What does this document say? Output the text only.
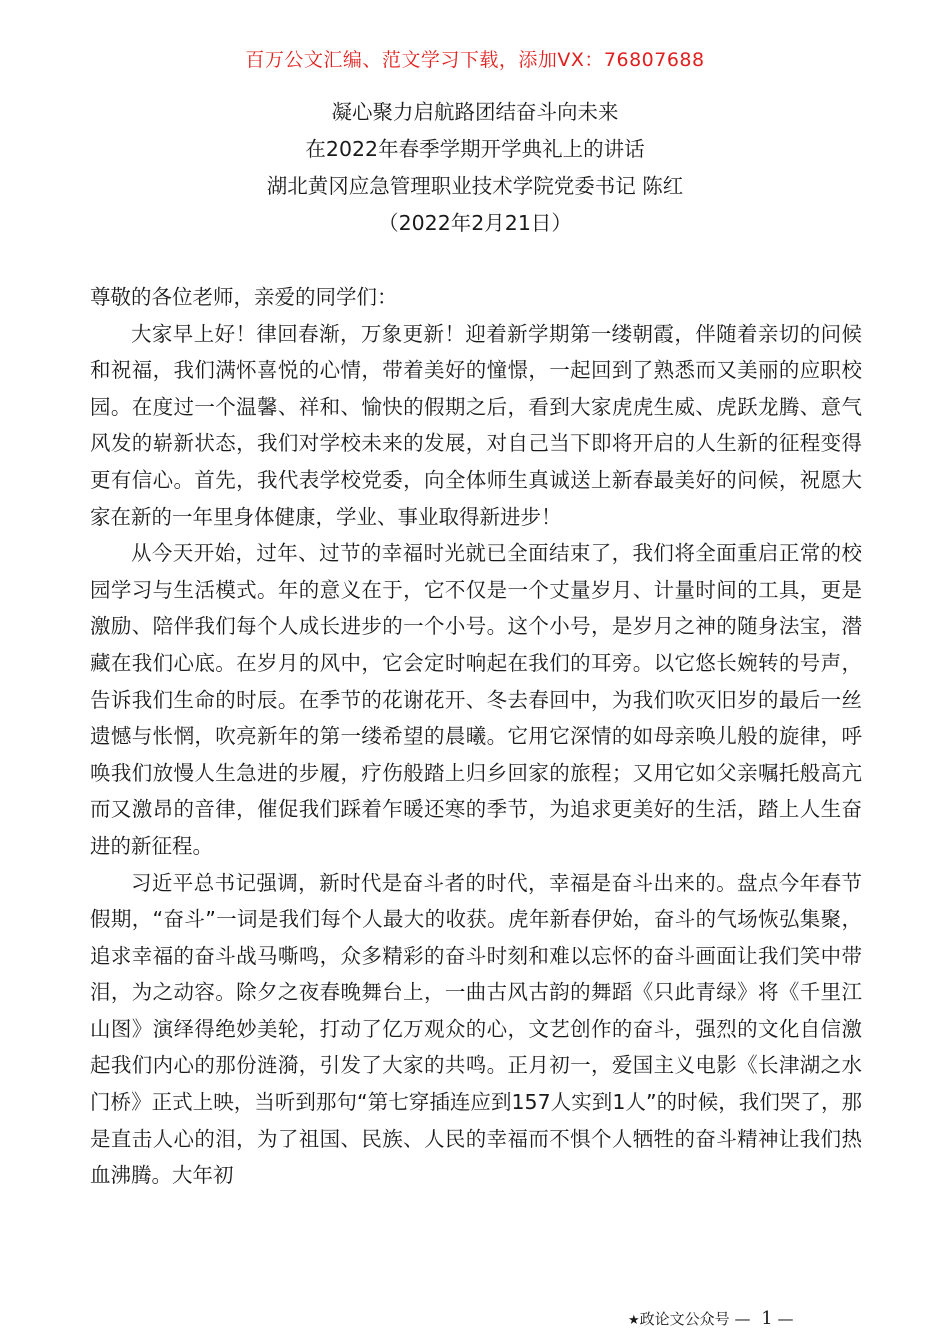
百万公文汇编、范文学习下载，添加VX：76807688
凝心聚力启航路团结奋斗向未来
在2022年春季学期开学典礼上的讲话
湖北黄冈应急管理职业技术学院党委书记 陈红
（2022年2月21日）

尊敬的各位老师，亲爱的同学们：

大家早上好！律回春渐，万象更新！迎着新学期第一缕朝霞，伴随着亲切的问候和祝福，我们满怀喜悦的心情，带着美好的憧憬，一起回到了熟悉而又美丽的应职校园。在度过一个温馨、祥和、愉快的假期之后，看到大家虎虎生威、虎跃龙腾、意气风发的崭新状态，我们对学校未来的发展，对自己当下即将开启的人生新的征程变得更有信心。首先，我代表学校党委，向全体师生真诚送上新春最美好的问候，祝愿大家在新的一年里身体健康，学业、事业取得新进步！

从今天开始，过年、过节的幸福时光就已全面结束了，我们将全面重启正常的校园学习与生活模式。年的意义在于，它不仅是一个丈量岁月、计量时间的工具，更是激励、陪伴我们每个人成长进步的一个小号。这个小号，是岁月之神的随身法宝，潜藏在我们心底。在岁月的风中，它会定时响起在我们的耳旁。以它悠长婉转的号声，告诉我们生命的时辰。在季节的花谢花开、冬去春回中，为我们吹灭旧岁的最后一丝遗憾与怅惘，吹亮新年的第一缕希望的晨曦。它用它深情的如母亲唤儿般的旋律，呼唤我们放慢人生急进的步履，疗伤般踏上归乡回家的旅程；又用它如父亲嘱托般高亢而又激昂的音律，催促我们踩着乍暖还寒的季节，为追求更美好的生活，踏上人生奋进的新征程。

习近平总书记强调，新时代是奋斗者的时代，幸福是奋斗出来的。盘点今年春节假期，“奋斗”一词是我们每个人最大的收获。虎年新春伊始，奋斗的气场恢弘集聚，追求幸福的奋斗战马嘶鸣，众多精彩的奋斗时刻和难以忘怀的奋斗画面让我们笑中带泪，为之动容。除夕之夜春晚舞台上，一曲古风古韵的舞蹈《只此青绿》将《千里江山图》演绎得绝妙美轮，打动了亿万观众的心，文艺创作的奋斗，强烈的文化自信激起我们内心的那份涟漪，引发了大家的共鸣。正月初一，爱国主义电影《长津湖之水门桥》正式上映，当听到那句“第七穿插连应到157人实到1人”的时候，我们哭了，那是直击人心的泪，为了祖国、民族、人民的幸福而不惧个人牺牲的奋斗精神让我们热血沸腾。大年初

★政论文公众号 — 1 —
